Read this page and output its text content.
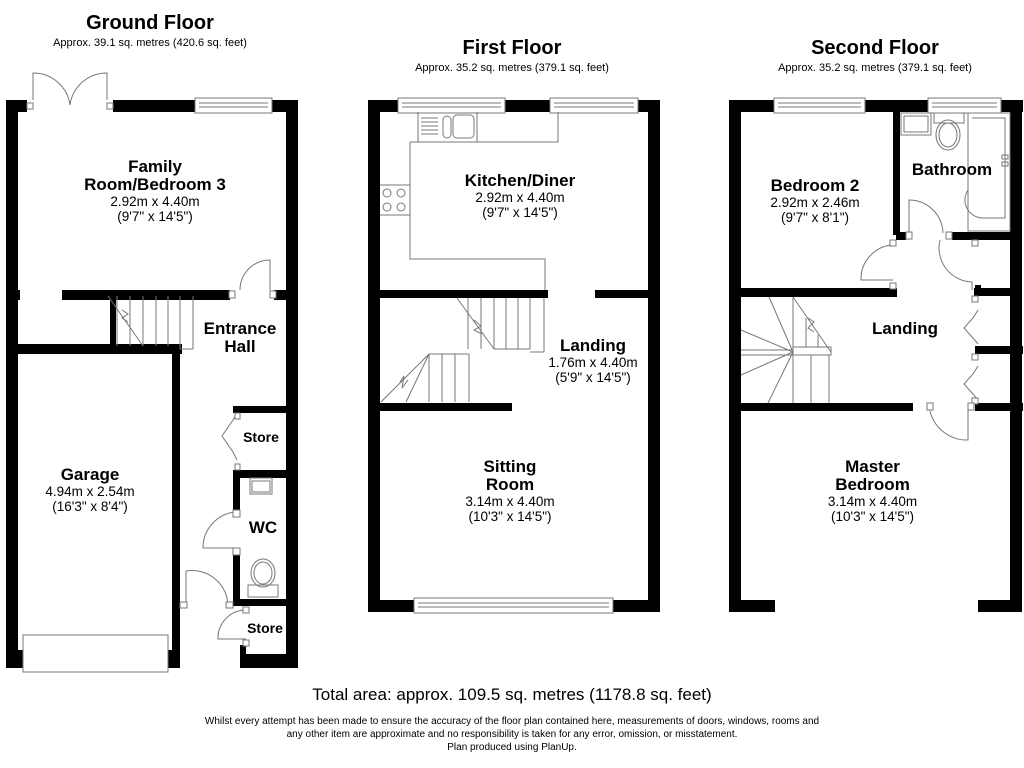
Ground Floor
Approx. 39.1 sq. metres (420.6 sq. feet)	First Floor
Approx. 35.2 sq. metres (379.1 sq. feet)
Second Floor
Approx. 35.2 sq. metres (379.1 sq. feet)
Family
Room/Bedroom 3
2.92m x 4.40m
(9'7" x 14'5")
Entrance
Hall
Garage
4.94m x 2.54m
(16'3" x 8'4")
Store
WC
Store
Kitchen/Diner
2.92m x 4.40m
(9'7" x 14'5")
Landing
1.76m x 4.40m
(5'9" x 14'5")
Sitting
Room
3.14m x 4.40m
(10'3" x 14'5")
Bedroom 2
2.92m x 2.46m
(9'7" x 8'1")
Bathroom
Landing
Master
Bedroom
3.14m x 4.40m
(10'3" x 14'5")
Total area: approx. 109.5 sq. metres (1178.8 sq. feet)
Whilst every attempt has been made to ensure the accuracy of the floor plan contained here, measurements of doors, windows, rooms and
any other item are approximate and no responsibility is taken for any error, omission, or misstatement.
Plan produced using PlanUp.
